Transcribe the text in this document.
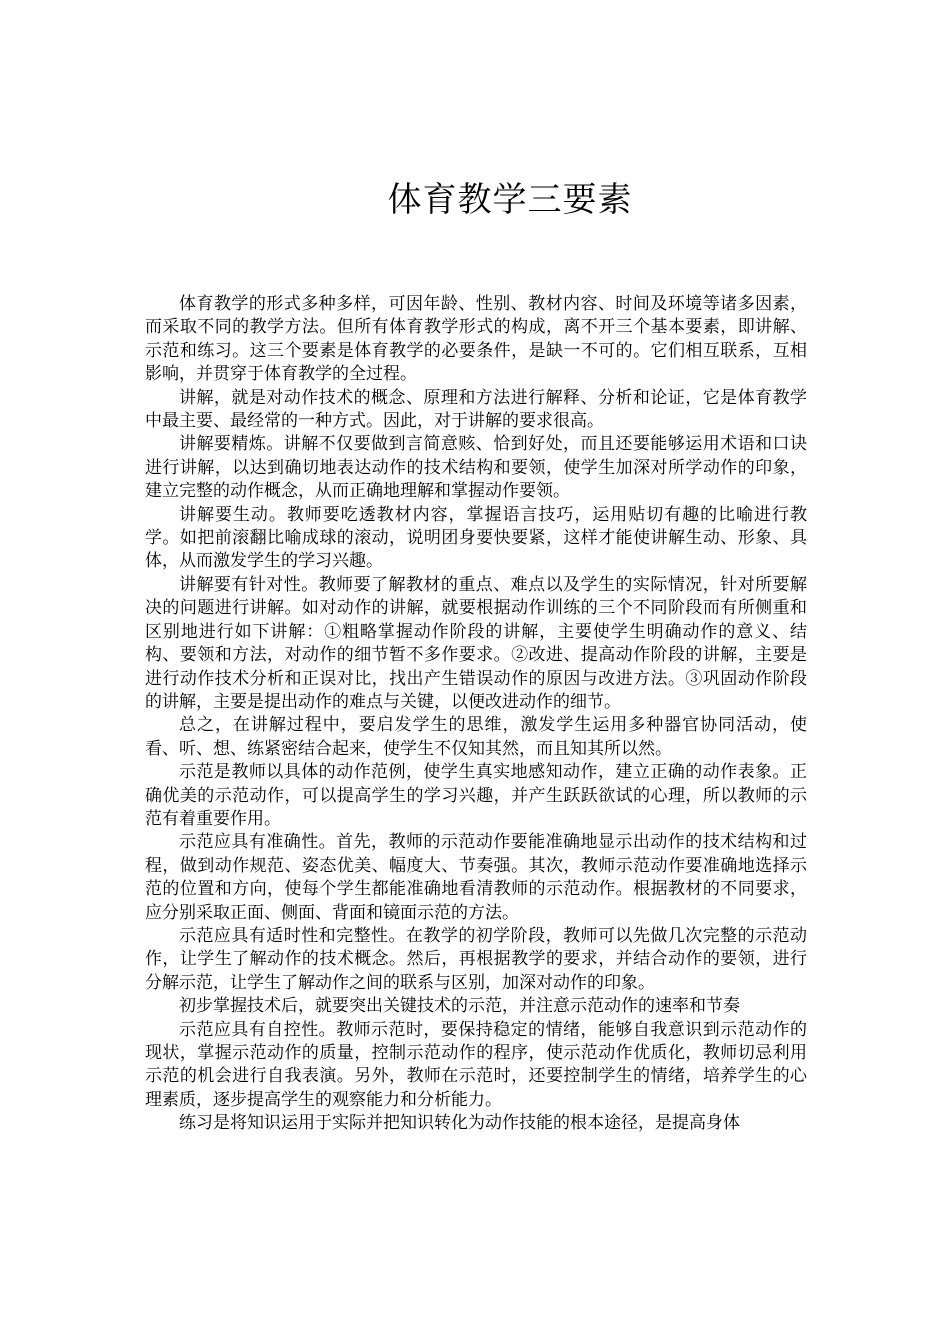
体育教学三要素

体育教学的形式多种多样，可因年龄、性别、教材内容、时间及环境等诸多因素，而采取不同的教学方法。但所有体育教学形式的构成，离不开三个基本要素，即讲解、示范和练习。这三个要素是体育教学的必要条件，是缺一不可的。它们相互联系，互相影响，并贯穿于体育教学的全过程。

讲解，就是对动作技术的概念、原理和方法进行解释、分析和论证，它是体育教学中最主要、最经常的一种方式。因此，对于讲解的要求很高。

讲解要精炼。讲解不仅要做到言简意赅、恰到好处，而且还要能够运用术语和口诀进行讲解，以达到确切地表达动作的技术结构和要领，使学生加深对所学动作的印象，建立完整的动作概念，从而正确地理解和掌握动作要领。

讲解要生动。教师要吃透教材内容，掌握语言技巧，运用贴切有趣的比喻进行教学。如把前滚翻比喻成球的滚动，说明团身要快要紧，这样才能使讲解生动、形象、具体，从而激发学生的学习兴趣。

讲解要有针对性。教师要了解教材的重点、难点以及学生的实际情况，针对所要解决的问题进行讲解。如对动作的讲解，就要根据动作训练的三个不同阶段而有所侧重和区别地进行如下讲解：①粗略掌握动作阶段的讲解，主要使学生明确动作的意义、结构、要领和方法，对动作的细节暂不多作要求。②改进、提高动作阶段的讲解，主要是进行动作技术分析和正误对比，找出产生错误动作的原因与改进方法。③巩固动作阶段的讲解，主要是提出动作的难点与关键，以便改进动作的细节。

总之，在讲解过程中，要启发学生的思维，激发学生运用多种器官协同活动，使看、听、想、练紧密结合起来，使学生不仅知其然，而且知其所以然。

示范是教师以具体的动作范例，使学生真实地感知动作，建立正确的动作表象。正确优美的示范动作，可以提高学生的学习兴趣，并产生跃跃欲试的心理，所以教师的示范有着重要作用。

示范应具有准确性。首先，教师的示范动作要能准确地显示出动作的技术结构和过程，做到动作规范、姿态优美、幅度大、节奏强。其次，教师示范动作要准确地选择示范的位置和方向，使每个学生都能准确地看清教师的示范动作。根据教材的不同要求，应分别采取正面、侧面、背面和镜面示范的方法。

示范应具有适时性和完整性。在教学的初学阶段，教师可以先做几次完整的示范动作，让学生了解动作的技术概念。然后，再根据教学的要求，并结合动作的要领，进行分解示范，让学生了解动作之间的联系与区别，加深对动作的印象。

初步掌握技术后，就要突出关键技术的示范，并注意示范动作的速率和节奏

示范应具有自控性。教师示范时，要保持稳定的情绪，能够自我意识到示范动作的现状，掌握示范动作的质量，控制示范动作的程序，使示范动作优质化，教师切忌利用示范的机会进行自我表演。另外，教师在示范时，还要控制学生的情绪，培养学生的心理素质，逐步提高学生的观察能力和分析能力。

练习是将知识运用于实际并把知识转化为动作技能的根本途径，是提高身体
